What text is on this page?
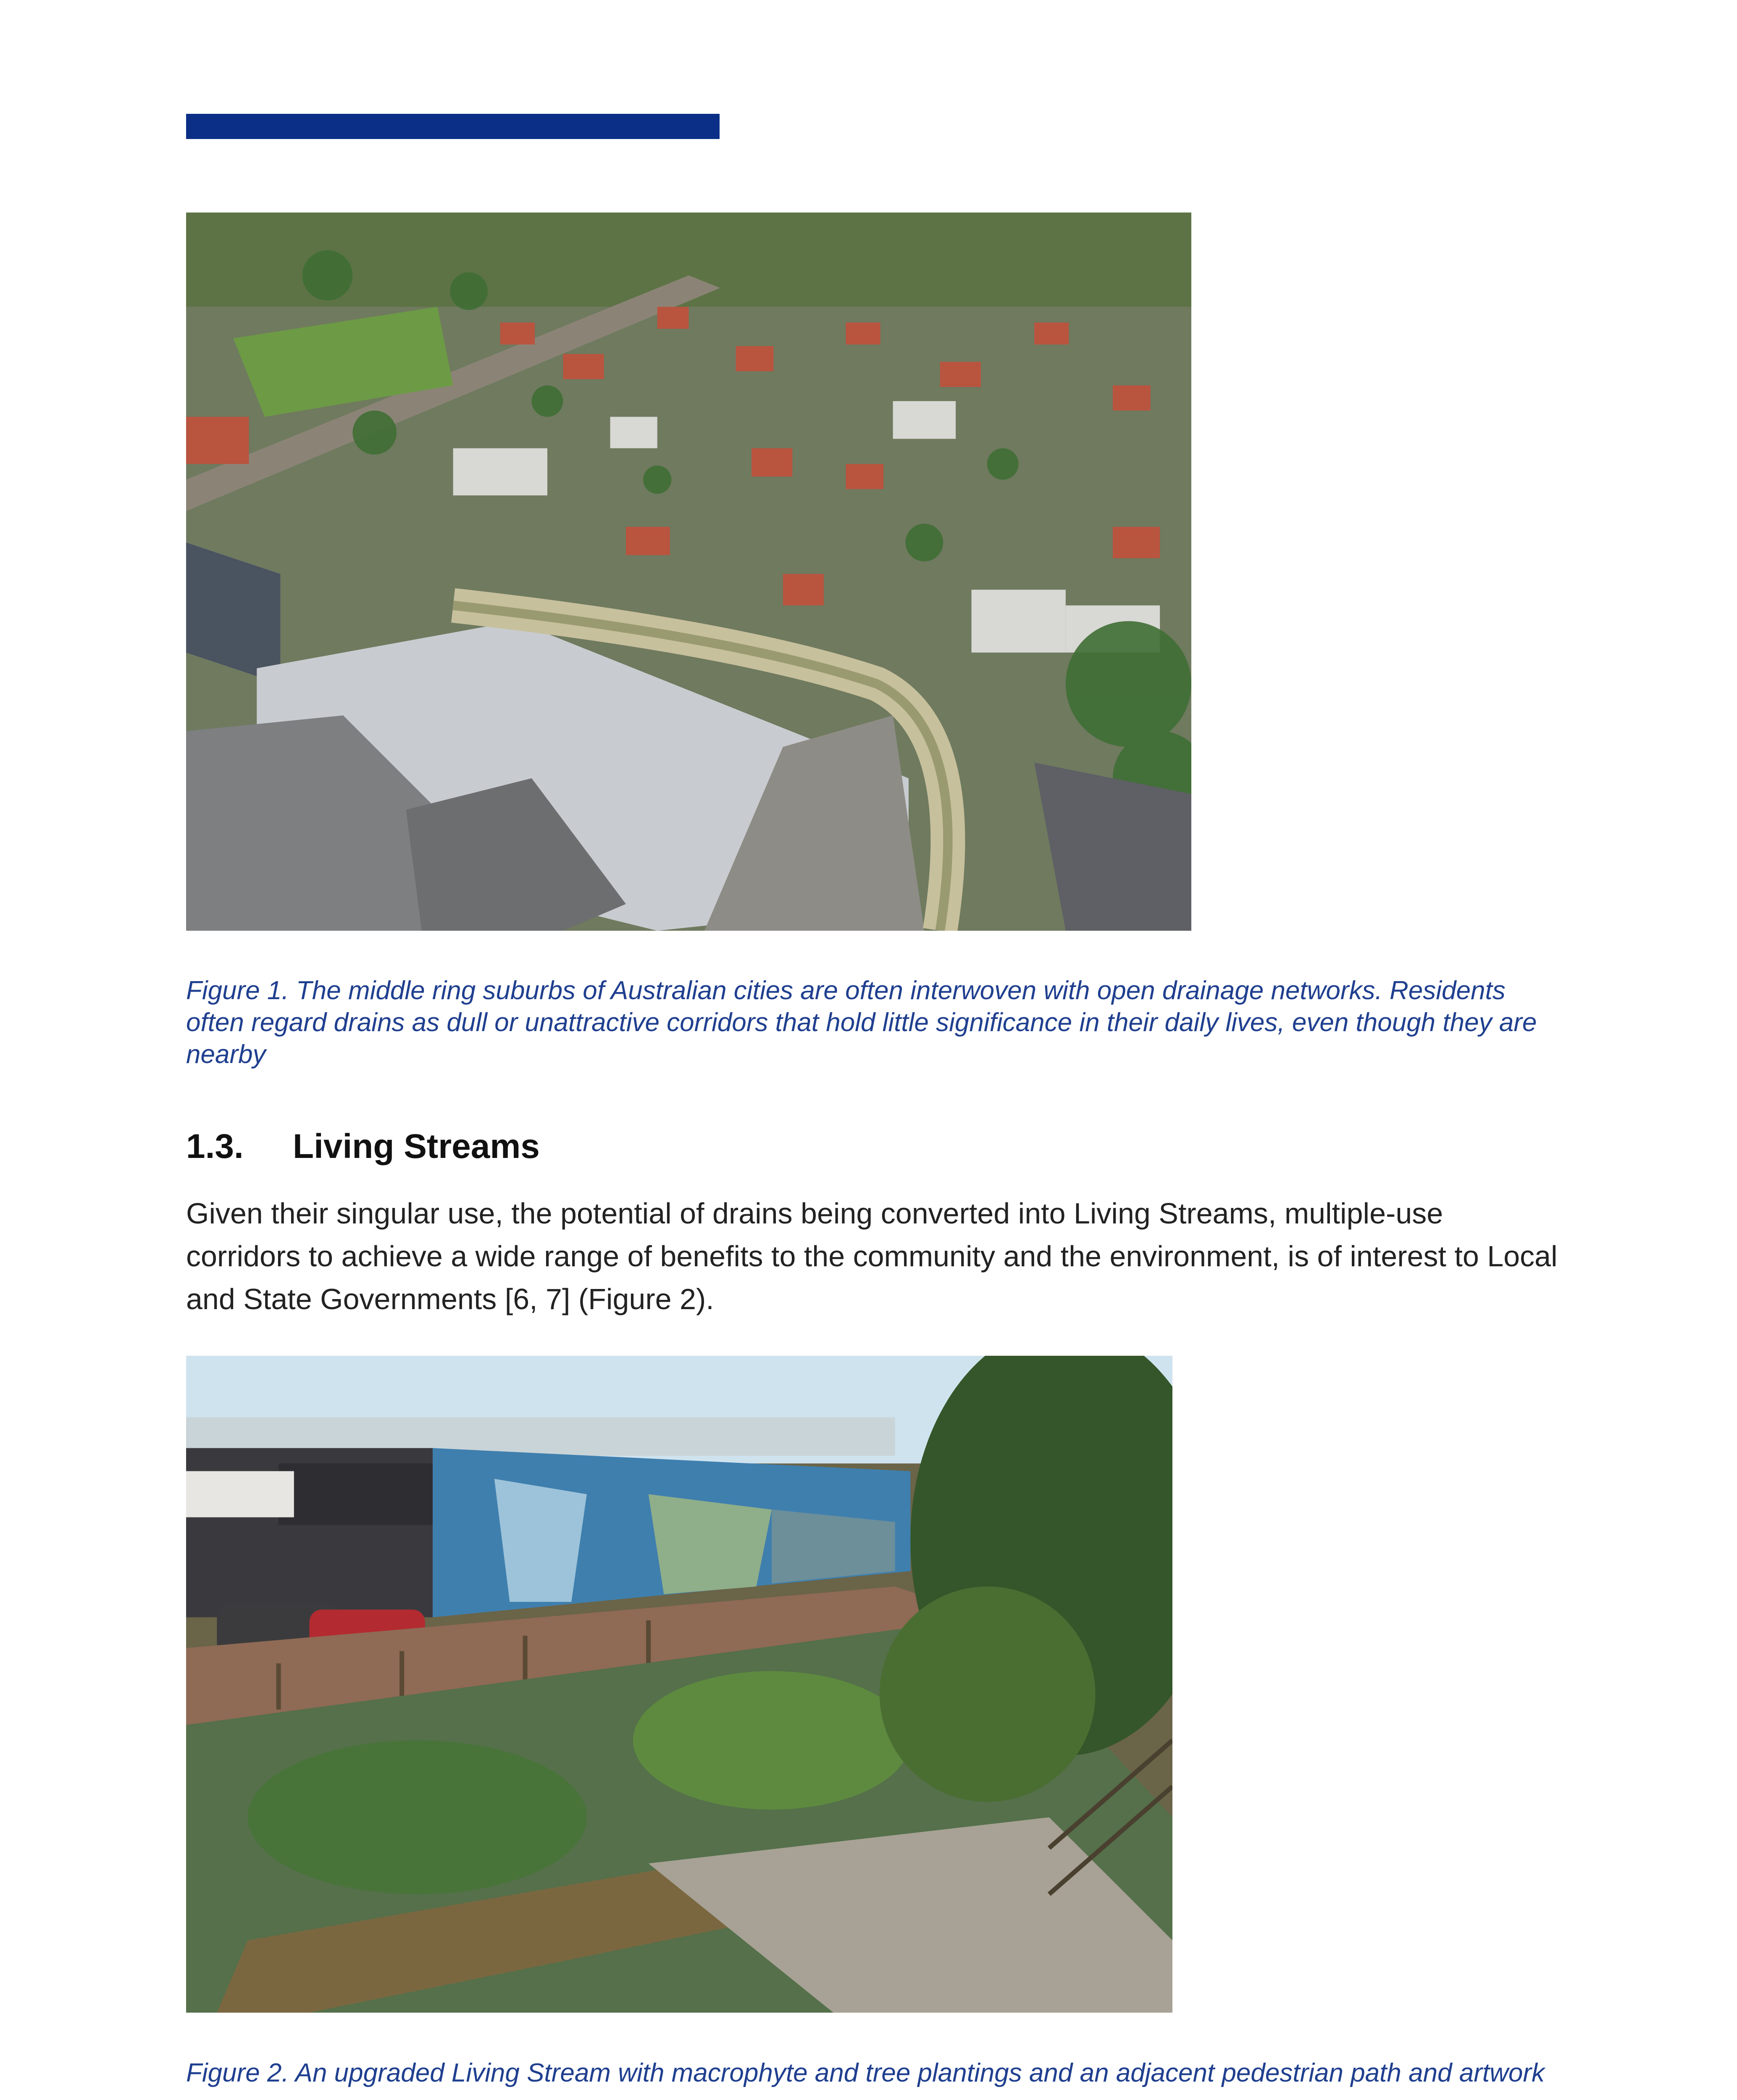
Figure 1. The middle ring suburbs of Australian cities are often interwoven with open drainage networks. Residents often regard drains as dull or unattractive corridors that hold little significance in their daily lives, even though they are nearby
1.3. Living Streams
Given their singular use, the potential of drains being converted into Living Streams, multiple-use corridors to achieve a wide range of benefits to the community and the environment, is of interest to Local and State Governments [6, 7] (Figure 2).
Figure 2. An upgraded Living Stream with macrophyte and tree plantings and an adjacent pedestrian path and artwork
